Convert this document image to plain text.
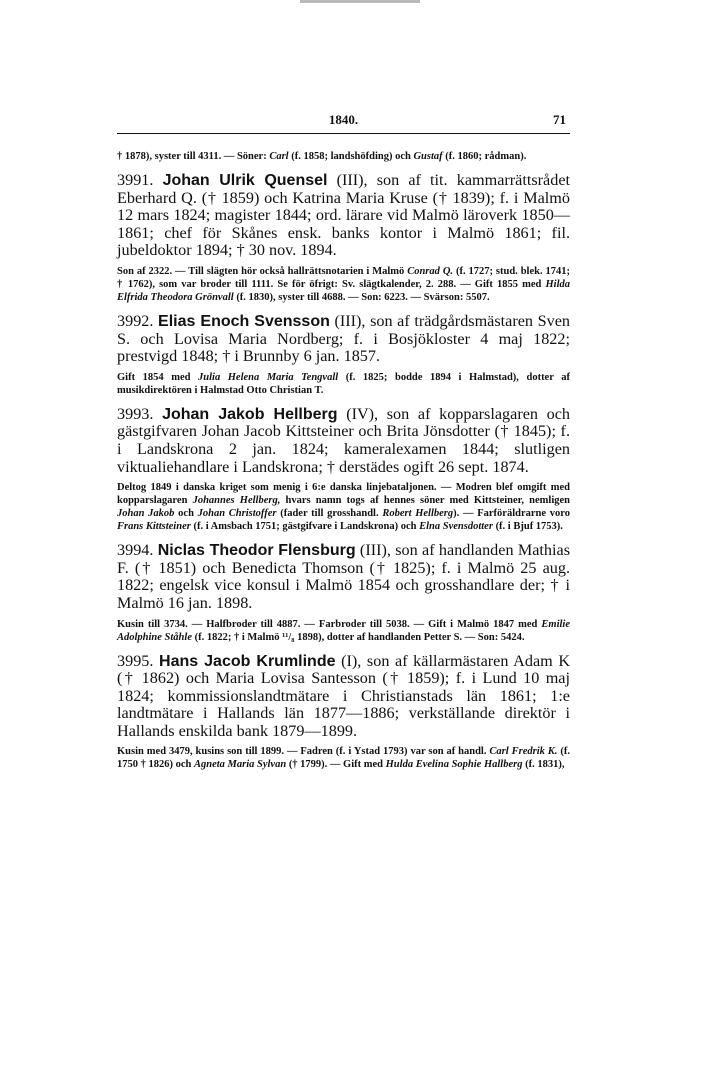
1840.	71

† 1878), syster till 4311. — Söner: Carl (f. 1858; landshöfding) och Gustaf (f. 1860; rådman).

3991. Johan Ulrik Quensel (III), son af tit. kammarrättsrådet Eberhard Q. († 1859) och Katrina Maria Kruse († 1839); f. i Malmö 12 mars 1824; magister 1844; ord. lärare vid Malmö läroverk 1850—1861; chef för Skånes ensk. banks kontor i Malmö 1861; fil. jubeldoktor 1894; † 30 nov. 1894.

Son af 2322. — Till slägten hör också hallrättsnotarien i Malmö Conrad Q. (f. 1727; stud. blek. 1741; † 1762), som var broder till 1111. Se för öfrigt: Sv. slägtkalender, 2. 288. — Gift 1855 med Hilda Elfrida Theodora Grönvall (f. 1830), syster till 4688. — Son: 6223. — Svärson: 5507.

3992. Elias Enoch Svensson (III), son af trädgårdsmästaren Sven S. och Lovisa Maria Nordberg; f. i Bosjökloster 4 maj 1822; prestvigd 1848; † i Brunnby 6 jan. 1857.

Gift 1854 med Julia Helena Maria Tengvall (f. 1825; bodde 1894 i Halmstad), dotter af musikdirektören i Halmstad Otto Christian T.

3993. Johan Jakob Hellberg (IV), son af kopparslagaren och gästgifvaren Johan Jacob Kittsteiner och Brita Jönsdotter († 1845); f. i Landskrona 2 jan. 1824; kameralexamen 1844; slutligen viktualiehandlare i Landskrona; † derstädes ogift 26 sept. 1874.

Deltog 1849 i danska kriget som menig i 6:e danska linjebataljonen. — Modren blef omgift med kopparslagaren Johannes Hellberg, hvars namn togs af hennes söner med Kittsteiner, nemligen Johan Jakob och Johan Christoffer (fader till grosshandl. Robert Hellberg). — Farföräldrarne voro Frans Kittsteiner (f. i Amsbach 1751; gästgifvare i Landskrona) och Elna Svensdotter (f. i Bjuf 1753).

3994. Niclas Theodor Flensburg (III), son af handlanden Mathias F. († 1851) och Benedicta Thomson († 1825); f. i Malmö 25 aug. 1822; engelsk vice konsul i Malmö 1854 och grosshandlare der; † i Malmö 16 jan. 1898.

Kusin till 3734. — Halfbroder till 4887. — Farbroder till 5038. — Gift i Malmö 1847 med Emilie Adolphine Ståhle (f. 1822; † i Malmö ¹¹/₈ 1898), dotter af handlanden Petter S. — Son: 5424.

3995. Hans Jacob Krumlinde (I), son af källarmästaren Adam K († 1862) och Maria Lovisa Santesson († 1859); f. i Lund 10 maj 1824; kommissionslandtmätare i Christianstads län 1861; 1:e landtmätare i Hallands län 1877—1886; verkställande direktör i Hallands enskilda bank 1879—1899.

Kusin med 3479, kusins son till 1899. — Fadren (f. i Ystad 1793) var son af handl. Carl Fredrik K. (f. 1750 † 1826) och Agneta Maria Sylvan († 1799). — Gift med Hulda Evelina Sophie Hallberg (f. 1831),
